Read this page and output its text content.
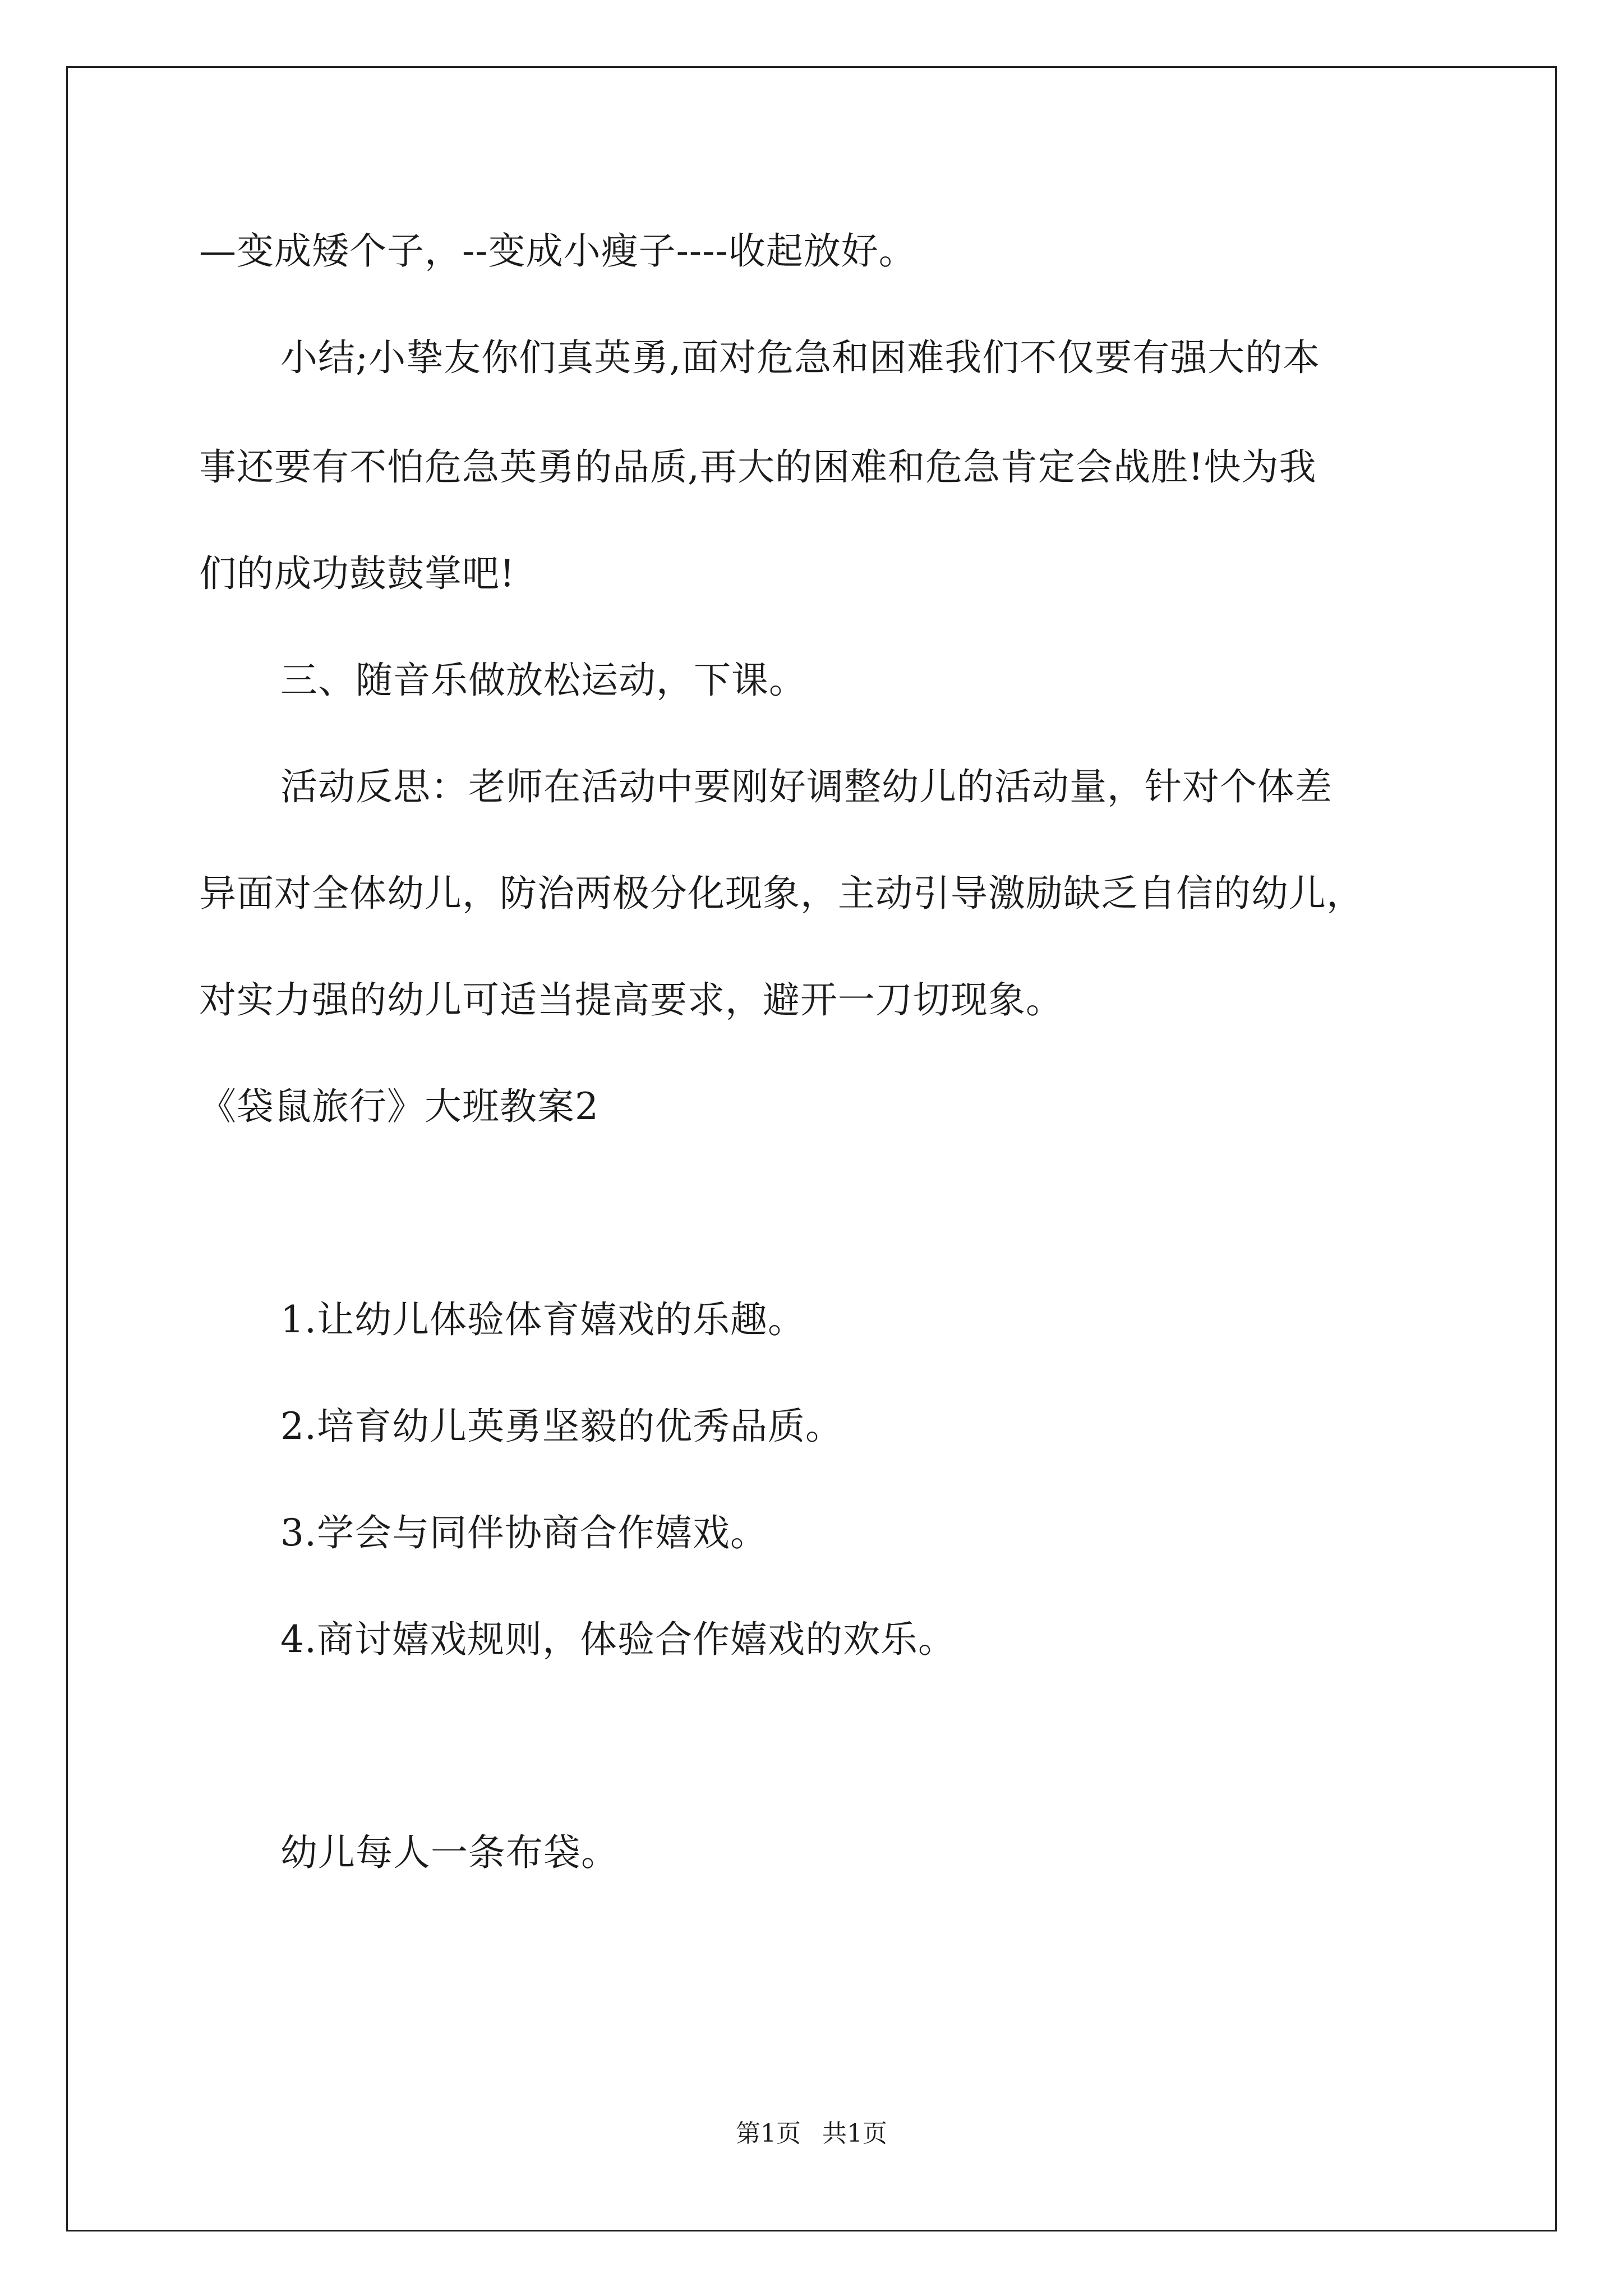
—变成矮个子，--变成小瘦子----收起放好。
小结;小挚友你们真英勇,面对危急和困难我们不仅要有强大的本
事还要有不怕危急英勇的品质,再大的困难和危急肯定会战胜!快为我
们的成功鼓鼓掌吧!
三、随音乐做放松运动，下课。
活动反思：老师在活动中要刚好调整幼儿的活动量，针对个体差
异面对全体幼儿，防治两极分化现象，主动引导激励缺乏自信的幼儿，
对实力强的幼儿可适当提高要求，避开一刀切现象。
《袋鼠旅行》大班教案2
1.让幼儿体验体育嬉戏的乐趣。
2.培育幼儿英勇坚毅的优秀品质。
3.学会与同伴协商合作嬉戏。
4.商讨嬉戏规则，体验合作嬉戏的欢乐。
幼儿每人一条布袋。
第1页 共1页
